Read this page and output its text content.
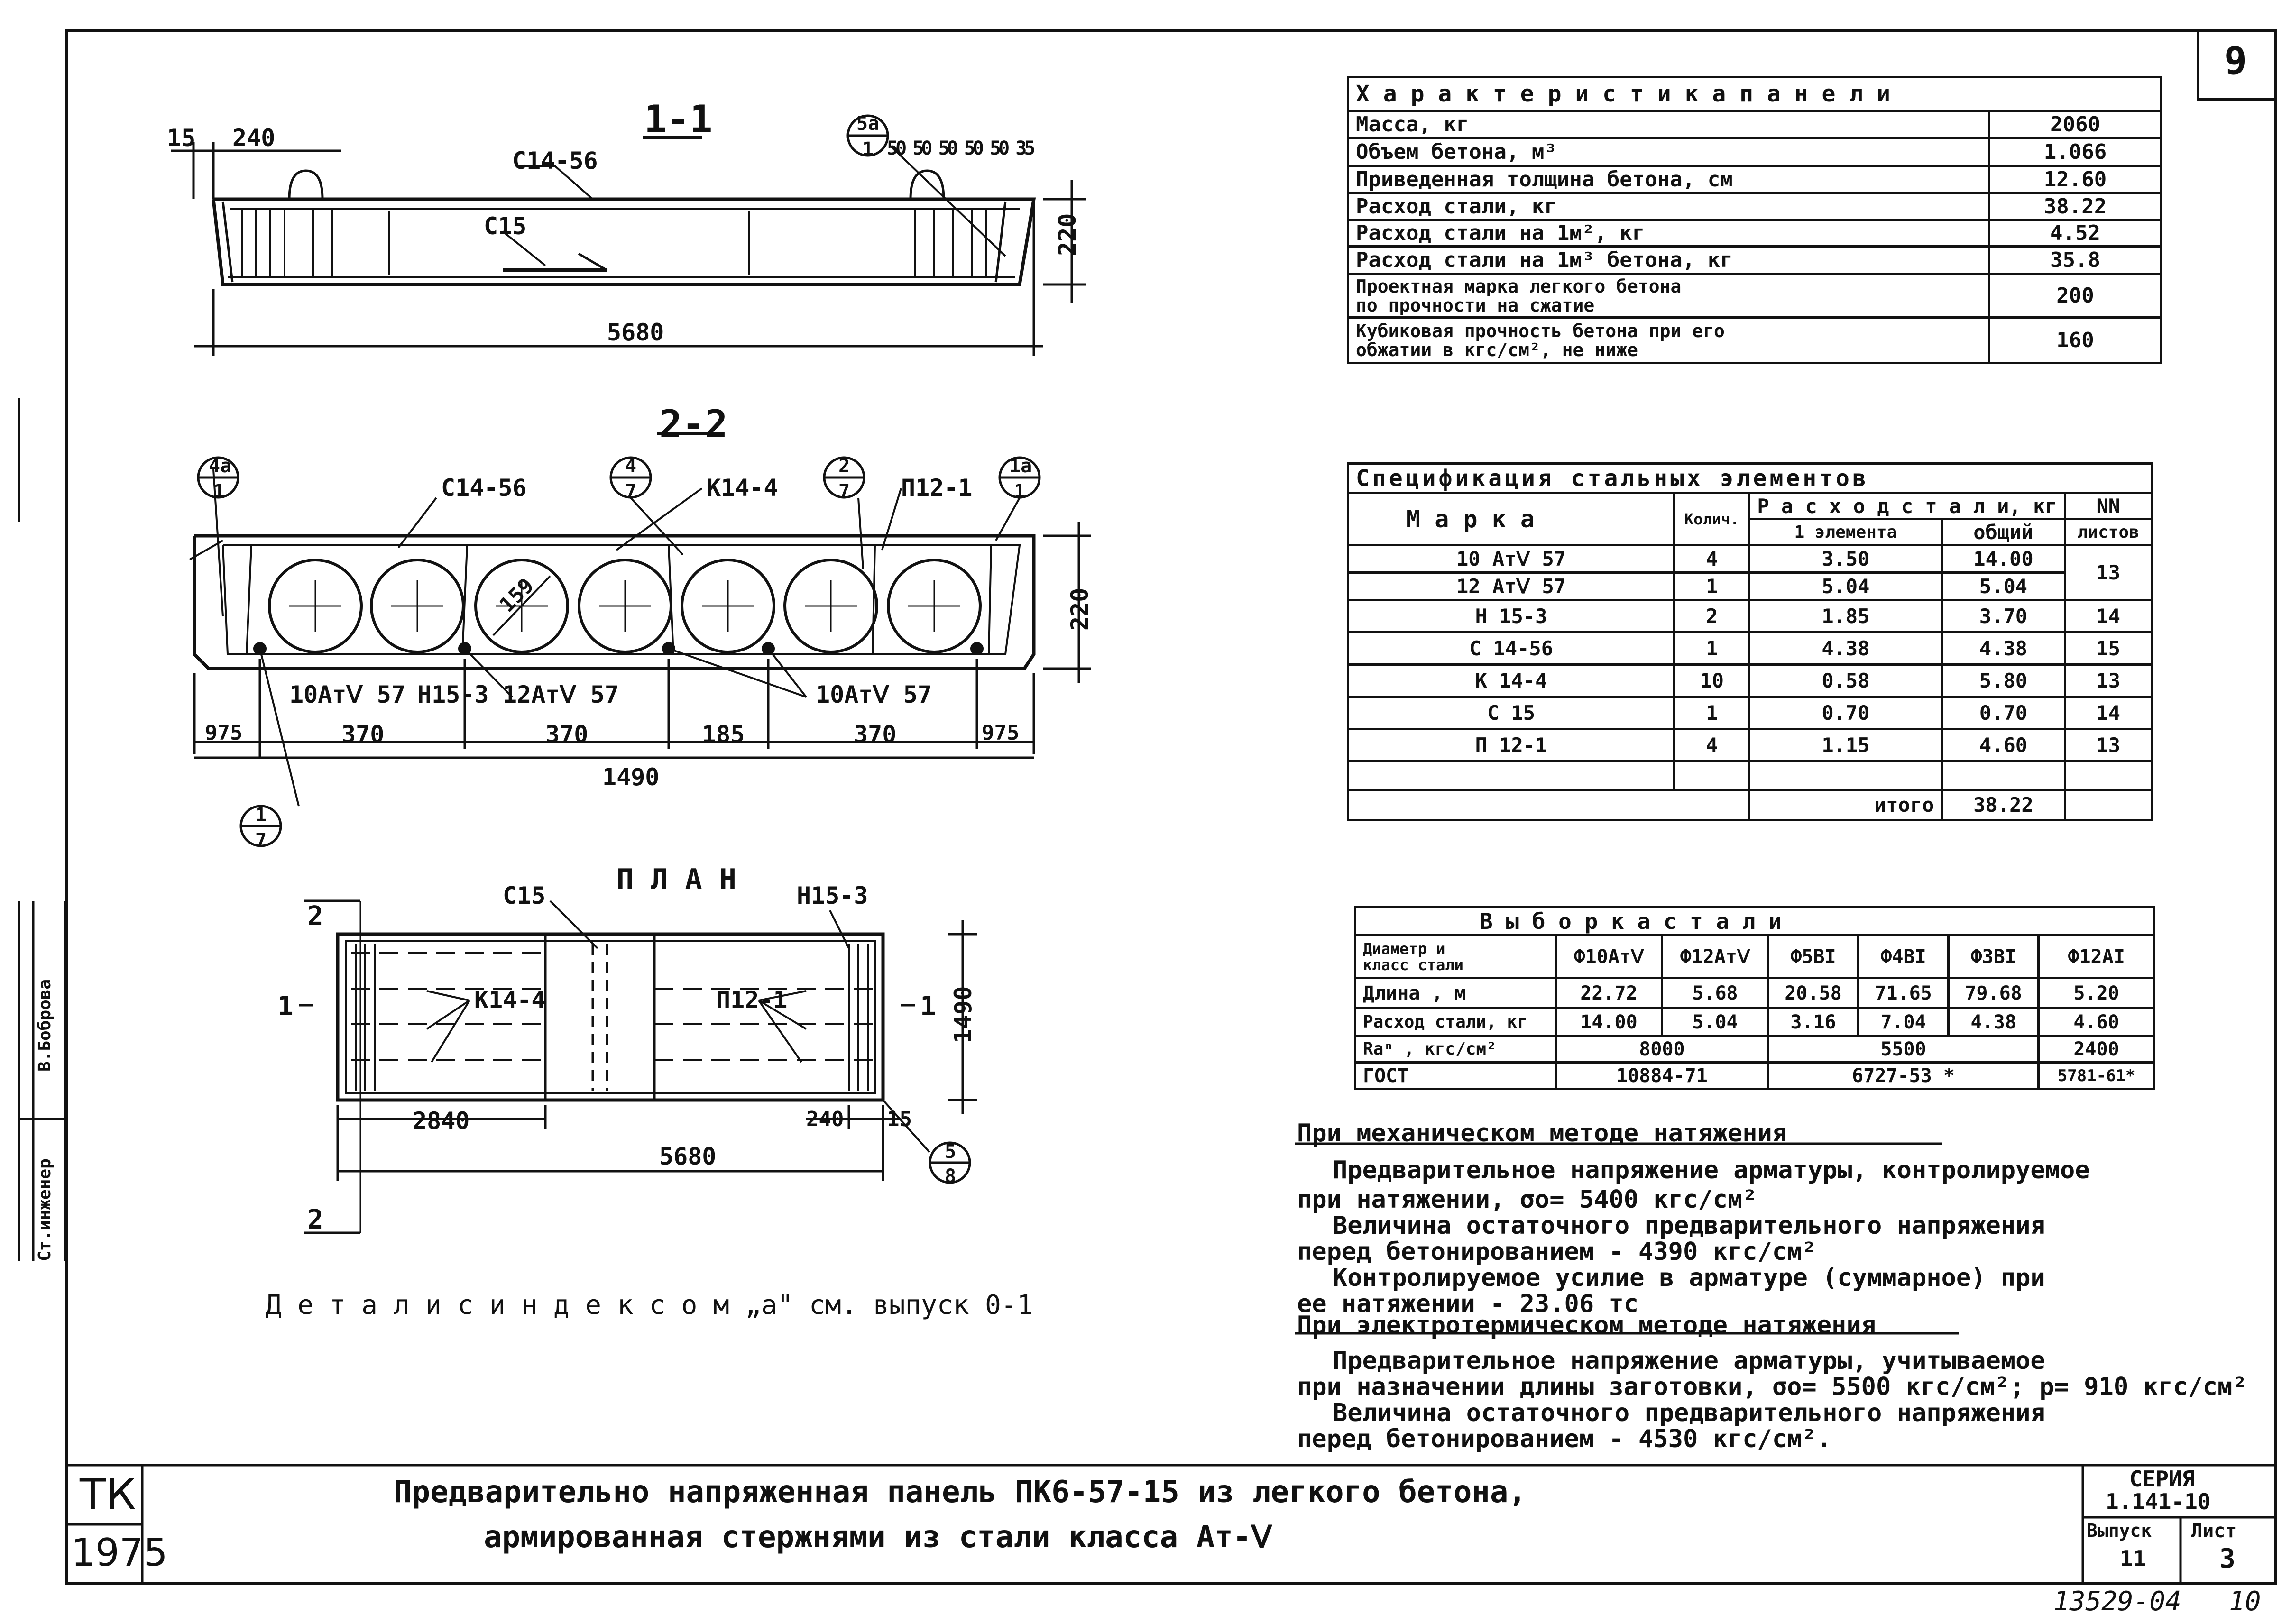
9
1-1
15 240
С14-56
С15
50 50 50 50 50 35
5а
1
5680
220
2-2
С14-56	К14-4	П12-1
159
10АтⅤ 57 Н15-3 12АтⅤ 57	10АтⅤ 57
975	370	370	185	370	975
1490
220
4а
1
4
7
2
7
1а
1
1
7
П Л А Н
С15	Н15-3
К14-4	П12-1
2
2
1	1
2840	240 15
5680
1490
5
8
Д е т а л и с и н д е к с о м „а" см. выпуск 0-1
Ст.инженер
В.Боброва
Х а р а к т е р и с т и к а п а н е л и	
Масса, кг	2060
Объем бетона, м³	1.066
Приведенная толщина бетона, см	12.60
Расход стали, кг	38.22
Расход стали на 1м², кг	4.52
Расход стали на 1м³ бетона, кг	35.8
Проектная марка легкого бетона
по прочности на сжатие	200
Кубиковая прочность бетона при его
обжатии в кгс/см², не ниже	160
Спецификация стальных элементов				
М а р к а	Колич.	Р а с х о д с т а л и, кг		NN
		1 элемента	общий	листов
10 АтⅤ 57	4	3.50	14.00	13
12 АтⅤ 57	1	5.04	5.04	
Н 15-3	2	1.85	3.70	14
С 14-56	1	4.38	4.38	15
К 14-4	10	0.58	5.80	13
С 15	1	0.70	0.70	14
П 12-1	4	1.15	4.60	13

		итого	38.22	
В ы б о р к а с т а л и						
Диаметр и
класс стали	Ф10АтⅤ	Ф12АтⅤ	Ф5ВI	Ф4ВI	Ф3ВI	Ф12АI
Длина , м	22.72	5.68	20.58	71.65	79.68	5.20
Расход стали, кг	14.00	5.04	3.16	7.04	4.38	4.60
Rаⁿ , кгс/см²	8000		5500			2400
ГОСТ	10884-71		6727-53 *			5781-61*
При механическом методе натяжения
Предварительное напряжение арматуры, контролируемое
при натяжении, σо= 5400 кгс/см²
Величина остаточного предварительного напряжения
перед бетонированием - 4390 кгс/см²
Контролируемое усилие в арматуре (суммарное) при
ее натяжении - 23.06 тс
При электротермическом методе натяжения
Предварительное напряжение арматуры, учитываемое
при назначении длины заготовки, σо= 5500 кгс/см²; р= 910 кгс/см²
Величина остаточного предварительного напряжения
перед бетонированием - 4530 кгс/см².
ТК
1975
Предварительно напряженная панель ПК6-57-15 из легкого бетона,
армированная стержнями из стали класса Ат-Ⅴ
СЕРИЯ
1.141-10
Выпуск
11
Лист
3
13529-04 10
